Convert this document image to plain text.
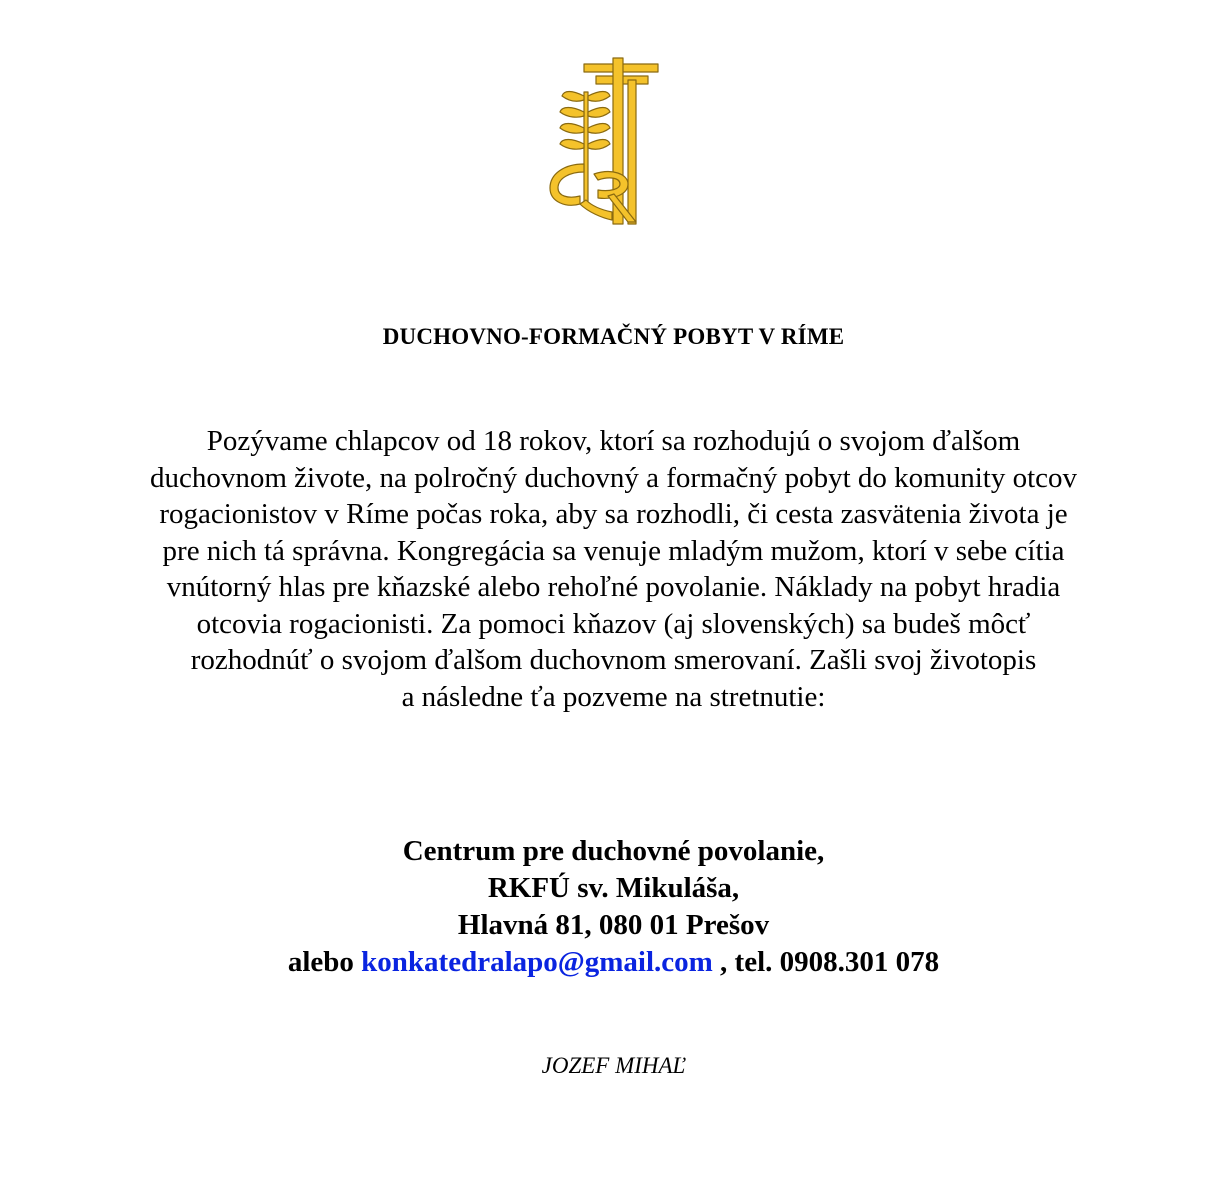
DUCHOVNO-FORMAČNÝ POBYT V RÍME
Pozývame chlapcov od 18 rokov, ktorí sa rozhodujú o svojom ďalšom
duchovnom živote, na polročný duchovný a formačný pobyt do komunity otcov
rogacionistov v Ríme počas roka, aby sa rozhodli, či cesta zasvätenia života je
pre nich tá správna. Kongregácia sa venuje mladým mužom, ktorí v sebe cítia
vnútorný hlas pre kňazské alebo rehoľné povolanie. Náklady na pobyt hradia
otcovia rogacionisti. Za pomoci kňazov (aj slovenských) sa budeš môcť
rozhodnúť o svojom ďalšom duchovnom smerovaní. Zašli svoj životopis
a následne ťa pozveme na stretnutie:
Centrum pre duchovné povolanie,
RKFÚ sv. Mikuláša,
Hlavná 81, 080 01 Prešov
alebo konkatedralapo@gmail.com , tel. 0908.301 078
JOZEF MIHAĽ
